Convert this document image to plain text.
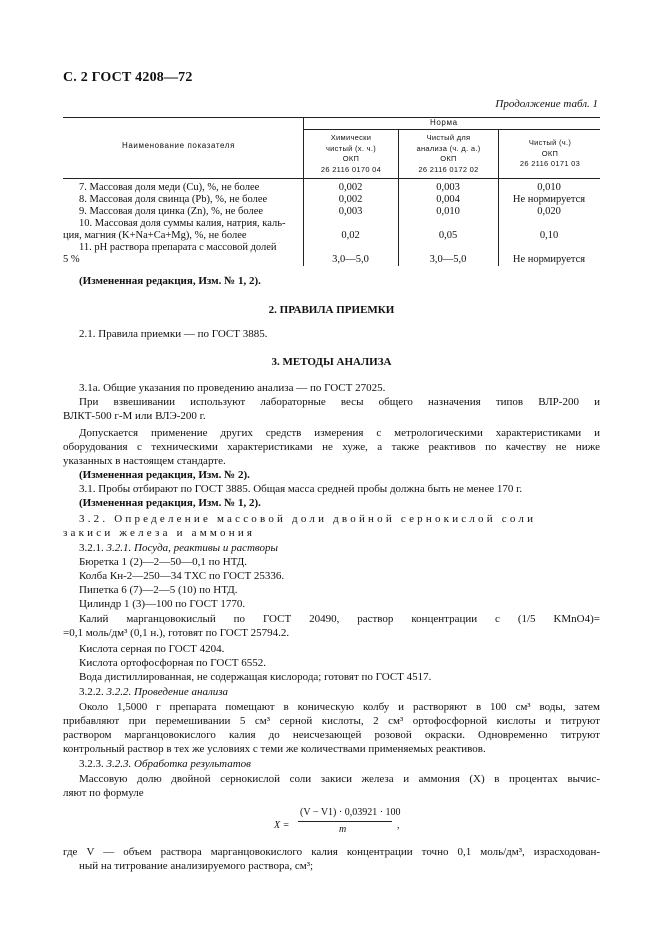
С. 2 ГОСТ 4208—72
Продолжение табл. 1
Наименование показателя
Норма
Химически
чистый (х. ч.)
ОКП
26 2116 0170 04
Чистый для
анализа (ч. д. а.)
ОКП
26 2116 0172 02
Чистый (ч.)
ОКП
26 2116 0171 03
7. Массовая доля меди (Cu), %, не более	0,002	0,003	0,010
8. Массовая доля свинца (Pb), %, не более	0,002	0,004	Не нормируется
9. Массовая доля цинка (Zn), %, не более	0,003	0,010	0,020
10. Массовая доля суммы калия, натрия, каль-
ция, магния (K+Na+Ca+Mg), %, не более	0,02	0,05	0,10
11. pH раствора препарата с массовой долей
5 %	3,0—5,0	3,0—5,0	Не нормируется
(Измененная редакция, Изм. № 1, 2).
2. ПРАВИЛА ПРИЕМКИ
2.1. Правила приемки — по ГОСТ 3885.
3. МЕТОДЫ АНАЛИЗА
3.1а. Общие указания по проведению анализа — по ГОСТ 27025.
При взвешивании используют лабораторные весы общего назначения типов ВЛР-200 и
ВЛКТ-500 г-М или ВЛЭ-200 г.
Допускается применение других средств измерения с метрологическими характеристиками и
оборудования с техническими характеристиками не хуже, а также реактивов по качеству не ниже
указанных в настоящем стандарте.
(Измененная редакция, Изм. № 2).
3.1. Пробы отбирают по ГОСТ 3885. Общая масса средней пробы должна быть не менее 170 г.
(Измененная редакция, Изм. № 1, 2).
3.2. Определение массовой доли двойной сернокислой соли
закиси железа и аммония
3.2.1. 3.2.1. Посуда, реактивы и растворы
Бюретка 1 (2)—2—50—0,1 по НТД.
Колба Кн-2—250—34 ТХС по ГОСТ 25336.
Пипетка 6 (7)—2—5 (10) по НТД.
Цилиндр 1 (3)—100 по ГОСТ 1770.
Калий марганцовокислый по ГОСТ 20490, раствор концентрации c (1/5 KMnO4)=
=0,1 моль/дм³ (0,1 н.), готовят по ГОСТ 25794.2.
Кислота серная по ГОСТ 4204.
Кислота ортофосфорная по ГОСТ 6552.
Вода дистиллированная, не содержащая кислорода; готовят по ГОСТ 4517.
3.2.2. 3.2.2. Проведение анализа
Около 1,5000 г препарата помещают в коническую колбу и растворяют в 100 см³ воды, затем
прибавляют при перемешивании 5 см³ серной кислоты, 2 см³ ортофосфорной кислоты и титруют
раствором марганцовокислого калия до неисчезающей розовой окраски. Одновременно титруют
контрольный раствор в тех же условиях с теми же количествами применяемых реактивов.
3.2.3. 3.2.3. Обработка результатов
Массовую долю двойной сернокислой соли закиси железа и аммония (X) в процентах вычис-
ляют по формуле
X =
(V − V1) · 0,03921 · 100
m	,
где V — объем раствора марганцовокислого калия концентрации точно 0,1 моль/дм³, израсходован-
ный на титрование анализируемого раствора, см³;
